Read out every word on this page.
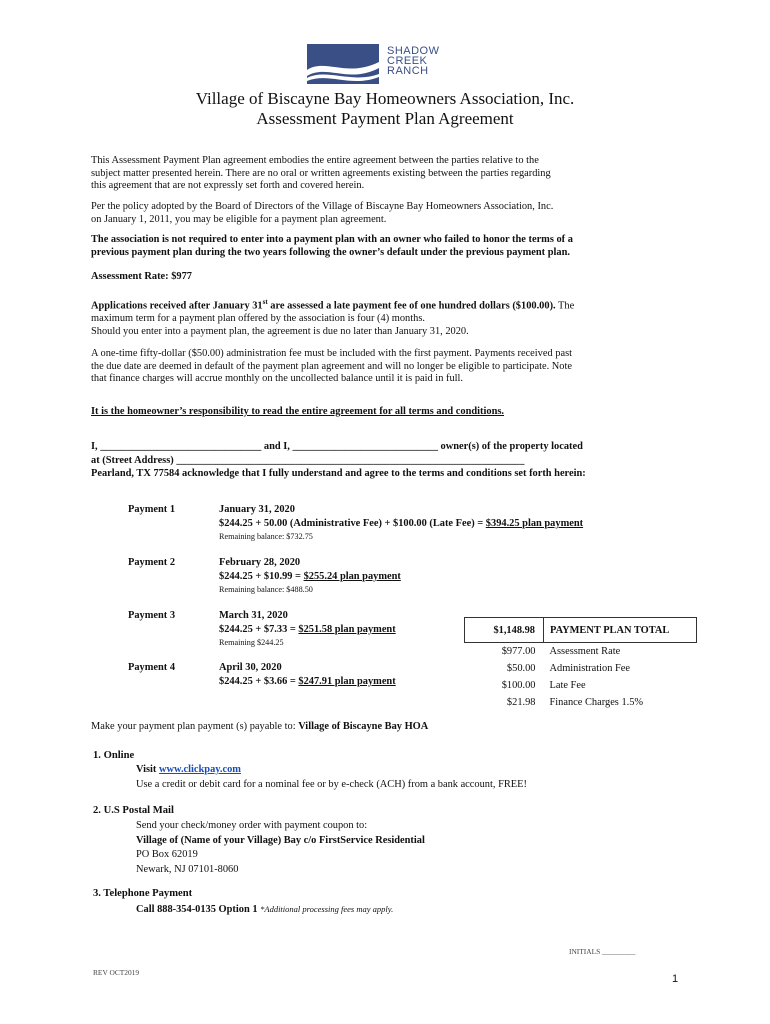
SHADOW
CREEK
RANCH
Village of Biscayne Bay Homeowners Association, Inc.
Assessment Payment Plan Agreement
This Assessment Payment Plan agreement embodies the entire agreement between the parties relative to the
subject matter presented herein. There are no oral or written agreements existing between the parties regarding
this agreement that are not expressly set forth and covered herein.
Per the policy adopted by the Board of Directors of the Village of Biscayne Bay Homeowners Association, Inc.
on January 1, 2011, you may be eligible for a payment plan agreement.
The association is not required to enter into a payment plan with an owner who failed to honor the terms of a
previous payment plan during the two years following the owner’s default under the previous payment plan.
Assessment Rate: $977
Applications received after January 31st are assessed a late payment fee of one hundred dollars ($100.00). The
maximum term for a payment plan offered by the association is four (4) months.
Should you enter into a payment plan, the agreement is due no later than January 31, 2020.
A one-time fifty-dollar ($50.00) administration fee must be included with the first payment. Payments received past
the due date are deemed in default of the payment plan agreement and will no longer be eligible to participate. Note
that finance charges will accrue monthly on the uncollected balance until it is paid in full.
It is the homeowner’s responsibility to read the entire agreement for all terms and conditions.
I, _______________________________ and I, ____________________________ owner(s) of the property located
at (Street Address) ___________________________________________________________________
Pearland, TX 77584 acknowledge that I fully understand and agree to the terms and conditions set forth herein:
Payment 1	January 31, 2020
$244.25 + 50.00 (Administrative Fee) + $100.00 (Late Fee) = $394.25 plan payment
Remaining balance: $732.75
Payment 2	February 28, 2020
$244.25 + $10.99 = $255.24 plan payment
Remaining balance: $488.50
Payment 3	March 31, 2020
$244.25 + $7.33 = $251.58 plan payment
Remaining $244.25
Payment 4	April 30, 2020
$244.25 + $3.66 = $247.91 plan payment
$1,148.98	PAYMENT PLAN TOTAL
$977.00	Assessment Rate
$50.00	Administration Fee
$100.00	Late Fee
$21.98	Finance Charges 1.5%
Make your payment plan payment (s) payable to: Village of Biscayne Bay HOA
1. Online
Visit www.clickpay.com
Use a credit or debit card for a nominal fee or by e-check (ACH) from a bank account, FREE!
2. U.S Postal Mail
Send your check/money order with payment coupon to:
Village of (Name of your Village) Bay c/o FirstService Residential
PO Box 62019
Newark, NJ 07101-8060
3. Telephone Payment
Call 888-354-0135 Option 1 *Additional processing fees may apply.
INITIALS _________
REV OCT2019
1
